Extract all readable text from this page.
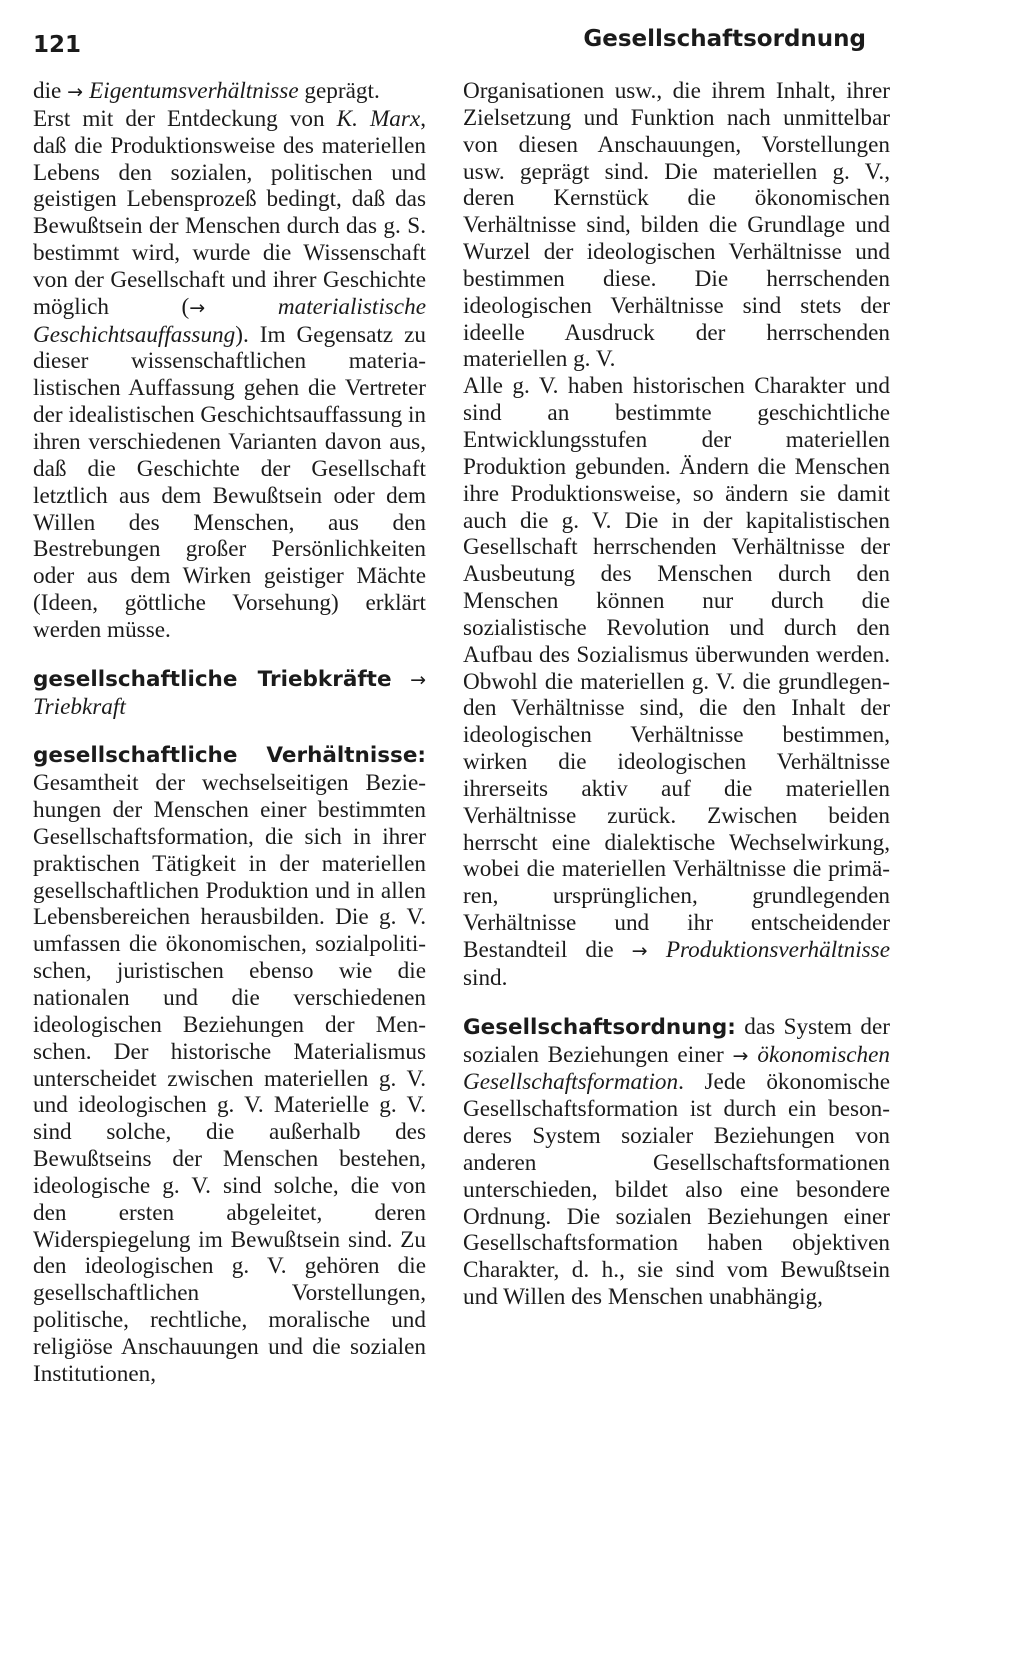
121	Gesellschaftsordnung

die → Eigentumsverhältnisse geprägt.

Erst mit der Entdeckung von K. Marx, daß die Produktionsweise des materiellen Lebens den sozialen, politischen und geistigen Lebensprozeß bedingt, daß das Bewußtsein der Menschen durch das g. S. bestimmt wird, wurde die Wissenschaft von der Gesellschaft und ihrer Geschichte möglich (→ materialistische Geschichtsauffassung). Im Gegensatz zu dieser wissenschaftlichen materialistischen Auffassung gehen die Vertreter der idealistischen Geschichtsauffassung in ihren verschiedenen Varianten davon aus, daß die Geschichte der Gesellschaft letztlich aus dem Bewußtsein oder dem Willen des Menschen, aus den Bestrebungen großer Persönlichkeiten oder aus dem Wirken geistiger Mächte (Ideen, göttliche Vorsehung) erklärt werden müsse.

gesellschaftliche Triebkräfte → Triebkraft

gesellschaftliche Verhältnisse: Gesamtheit der wechselseitigen Beziehungen der Menschen einer bestimmten Gesellschaftsformation, die sich in ihrer praktischen Tätigkeit in der materiellen gesellschaftlichen Produktion und in allen Lebensbereichen herausbilden. Die g. V. umfassen die ökonomischen, sozialpolitischen, juristischen ebenso wie die nationalen und die verschiedenen ideologischen Beziehungen der Menschen. Der historische Materialismus unterscheidet zwischen materiellen g. V. und ideologischen g. V. Materielle g. V. sind solche, die außerhalb des Bewußtseins der Menschen bestehen, ideologische g. V. sind solche, die von den ersten abgeleitet, deren Widerspiegelung im Bewußtsein sind. Zu den ideologischen g. V. gehören die gesellschaftlichen Vorstellungen, politische, rechtliche, moralische und religiöse Anschauungen und die sozialen Institutionen,

Organisationen usw., die ihrem Inhalt, ihrer Zielsetzung und Funktion nach unmittelbar von diesen Anschauungen, Vorstellungen usw. geprägt sind. Die materiellen g. V., deren Kernstück die ökonomischen Verhältnisse sind, bilden die Grundlage und Wurzel der ideologischen Verhältnisse und bestimmen diese. Die herrschenden ideologischen Verhältnisse sind stets der ideelle Ausdruck der herrschenden materiellen g. V.

Alle g. V. haben historischen Charakter und sind an bestimmte geschichtliche Entwicklungsstufen der materiellen Produktion gebunden. Ändern die Menschen ihre Produktionsweise, so ändern sie damit auch die g. V. Die in der kapitalistischen Gesellschaft herrschenden Verhältnisse der Ausbeutung des Menschen durch den Menschen können nur durch die sozialistische Revolution und durch den Aufbau des Sozialismus überwunden werden. Obwohl die materiellen g. V. die grundlegenden Verhältnisse sind, die den Inhalt der ideologischen Verhältnisse bestimmen, wirken die ideologischen Verhältnisse ihrerseits aktiv auf die materiellen Verhältnisse zurück. Zwischen beiden herrscht eine dialektische Wechselwirkung, wobei die materiellen Verhältnisse die primären, ursprünglichen, grundlegenden Verhältnisse und ihr entscheidender Bestandteil die → Produktionsverhältnisse sind.

Gesellschaftsordnung: das System der sozialen Beziehungen einer → ökonomischen Gesellschaftsformation. Jede ökonomische Gesellschaftsformation ist durch ein besonderes System sozialer Beziehungen von anderen Gesellschaftsformationen unterschieden, bildet also eine besondere Ordnung. Die sozialen Beziehungen einer Gesellschaftsformation haben objektiven Charakter, d. h., sie sind vom Bewußtsein und Willen des Menschen unabhängig,
